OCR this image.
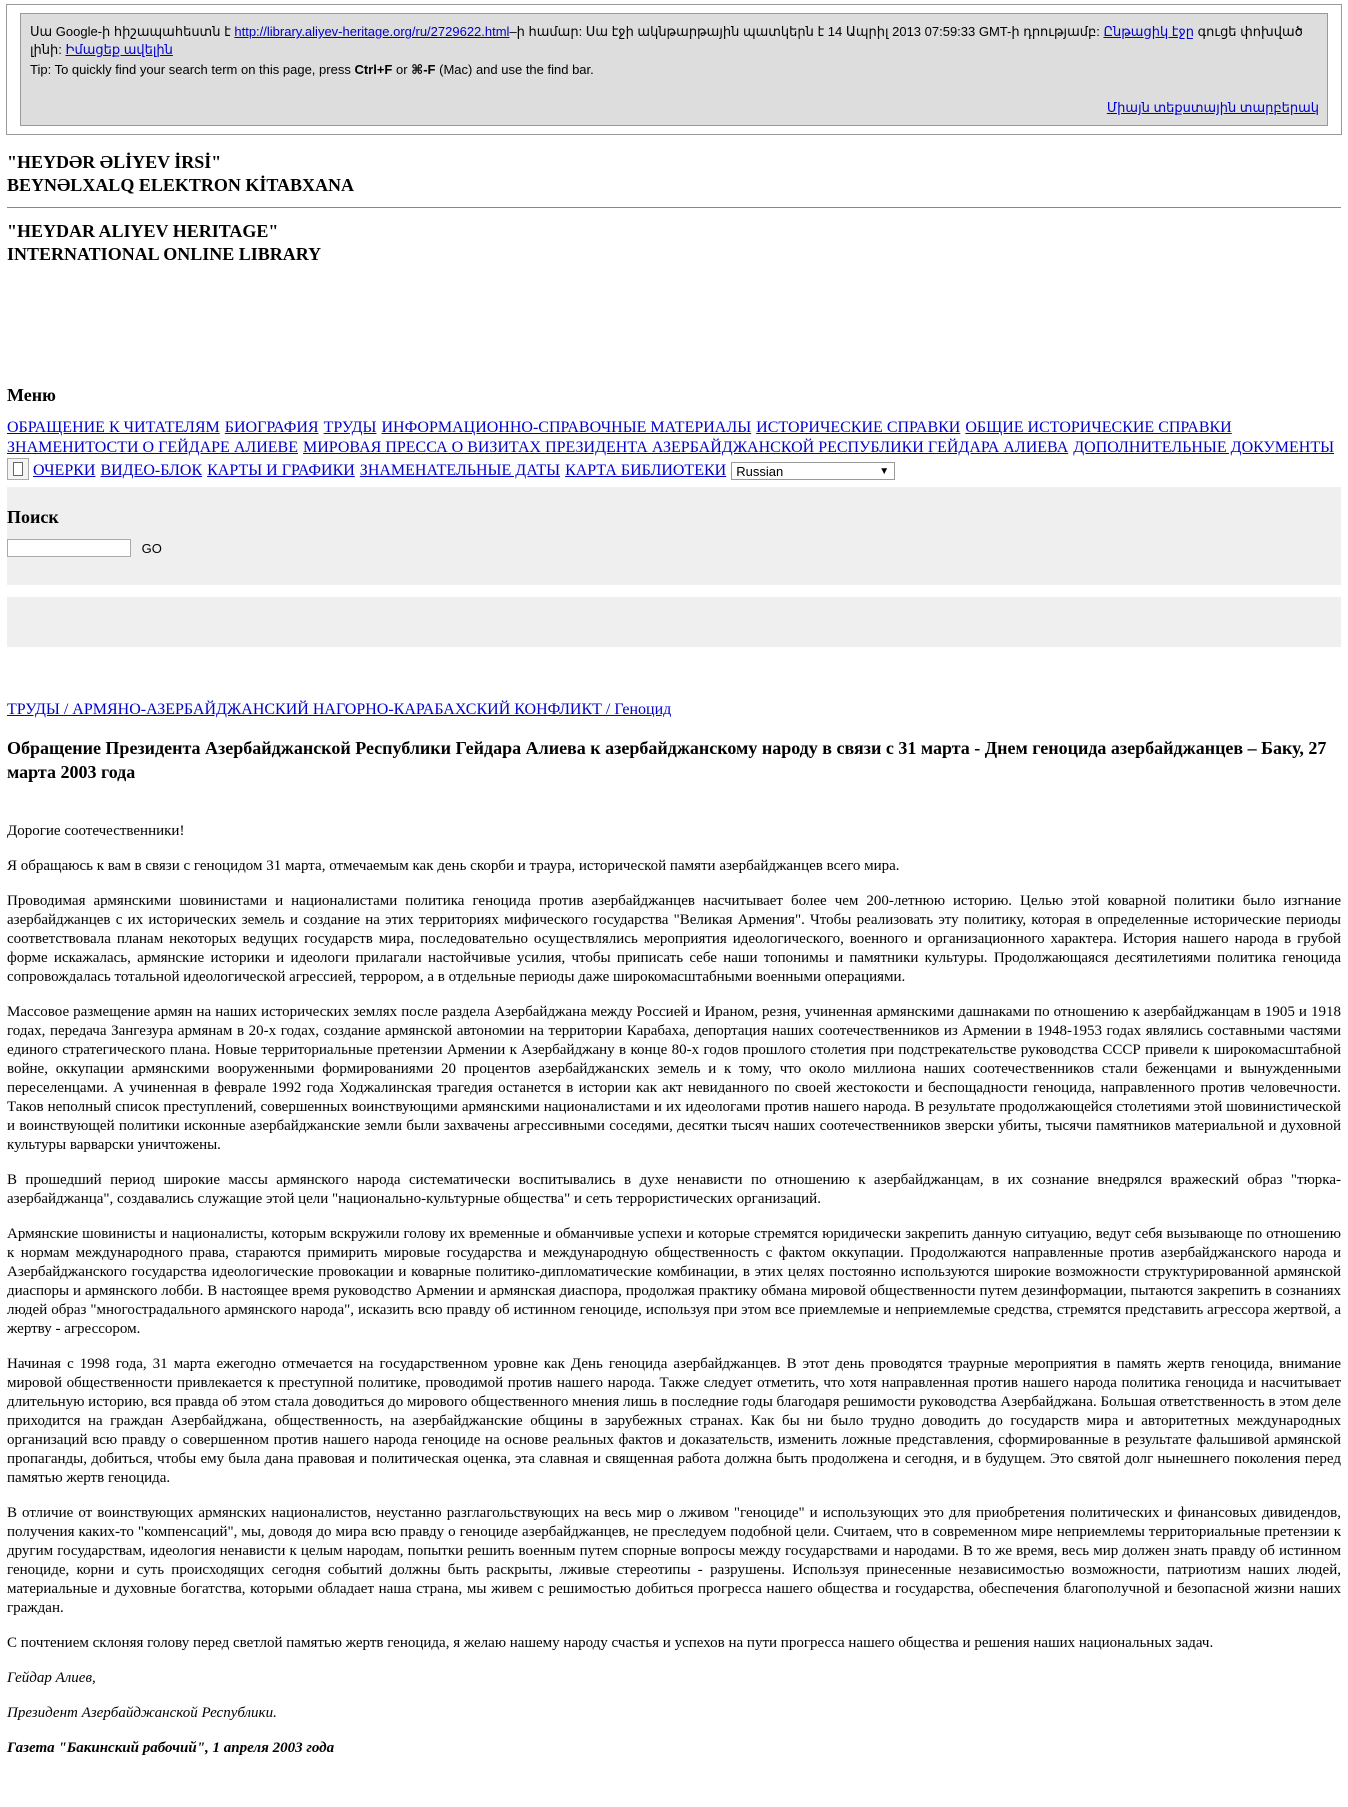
Սա Google-ի հիշապահեստն է http://library.aliyev-heritage.org/ru/2729622.html–ի համար: Սա էջի ակնթարթային պատկերն է 14 Ապրիլ 2013 07:59:33 GMT-ի դրությամբ: Ընթացիկ էջը գուցե փոխված լինի: Իմացեք ավելին
Tip: To quickly find your search term on this page, press Ctrl+F or ⌘-F (Mac) and use the find bar.
Միայն տեքստային տարբերակ
"HEYDƏR ƏLİYEV İRSİ"
BEYNƏLXALQ ELEKTRON KİTABXANA
"HEYDAR ALIYEV HERITAGE"
INTERNATIONAL ONLINE LIBRARY
Меню
ОБРАЩЕНИЕ К ЧИТАТЕЛЯМ БИОГРАФИЯ ТРУДЫ ИНФОРМАЦИОННО-СПРАВОЧНЫЕ МАТЕРИАЛЫ ИСТОРИЧЕСКИЕ СПРАВКИ ОБЩИЕ ИСТОРИЧЕСКИЕ СПРАВКИ ЗНАМЕНИТОСТИ О ГЕЙДАРЕ АЛИЕВЕ МИРОВАЯ ПРЕССА О ВИЗИТАХ ПРЕЗИДЕНТА АЗЕРБАЙДЖАНСКОЙ РЕСПУБЛИКИ ГЕЙДАРА АЛИЕВА ДОПОЛНИТЕЛЬНЫЕ ДОКУМЕНТЫ ОЧЕРКИ ВИДЕО-БЛОК КАРТЫ И ГРАФИКИ ЗНАМЕНАТЕЛЬНЫЕ ДАТЫ КАРТА БИБЛИОТЕКИ Russian	▼
Поиск
GO
ТРУДЫ / АРМЯНО-АЗЕРБАЙДЖАНСКИЙ НАГОРНО-КАРАБАХСКИЙ КОНФЛИКТ / Геноцид
Обращение Президента Азербайджанской Республики Гейдара Алиева к азербайджанскому народу в связи с 31 марта - Днем геноцида азербайджанцев – Баку, 27 марта 2003 года

Дорогие соотечественники!

Я обращаюсь к вам в связи с геноцидом 31 марта, отмечаемым как день скорби и траура, исторической памяти азербайджанцев всего мира.

Проводимая армянскими шовинистами и националистами политика геноцида против азербайджанцев насчитывает более чем 200-летнюю историю. Целью этой коварной политики было изгнание азербайджанцев с их исторических земель и создание на этих территориях мифического государства "Великая Армения". Чтобы реализовать эту политику, которая в определенные исторические периоды соответствовала планам некоторых ведущих государств мира, последовательно осуществлялись мероприятия идеологического, военного и организационного характера. История нашего народа в грубой форме искажалась, армянские историки и идеологи прилагали настойчивые усилия, чтобы приписать себе наши топонимы и памятники культуры. Продолжающаяся десятилетиями политика геноцида сопровождалась тотальной идеологической агрессией, террором, а в отдельные периоды даже широкомасштабными военными операциями.

Массовое размещение армян на наших исторических землях после раздела Азербайджана между Россией и Ираном, резня, учиненная армянскими дашнаками по отношению к азербайджанцам в 1905 и 1918 годах, передача Зангезура армянам в 20-х годах, создание армянской автономии на территории Карабаха, депортация наших соотечественников из Армении в 1948-1953 годах являлись составными частями единого стратегического плана. Новые территориальные претензии Армении к Азербайджану в конце 80-х годов прошлого столетия при подстрекательстве руководства СССР привели к широкомасштабной войне, оккупации армянскими вооруженными формированиями 20 процентов азербайджанских земель и к тому, что около миллиона наших соотечественников стали беженцами и вынужденными переселенцами. А учиненная в феврале 1992 года Ходжалинская трагедия останется в истории как акт невиданного по своей жестокости и беспощадности геноцида, направленного против человечности. Таков неполный список преступлений, совершенных воинствующими армянскими националистами и их идеологами против нашего народа. В результате продолжающейся столетиями этой шовинистической и воинствующей политики исконные азербайджанские земли были захвачены агрессивными соседями, десятки тысяч наших соотечественников зверски убиты, тысячи памятников материальной и духовной культуры варварски уничтожены.

В прошедший период широкие массы армянского народа систематически воспитывались в духе ненависти по отношению к азербайджанцам, в их сознание внедрялся вражеский образ "тюрка-азербайджанца", создавались служащие этой цели "национально-культурные общества" и сеть террористических организаций.

Армянские шовинисты и националисты, которым вскружили голову их временные и обманчивые успехи и которые стремятся юридически закрепить данную ситуацию, ведут себя вызывающе по отношению к нормам международного права, стараются примирить мировые государства и международную общественность с фактом оккупации. Продолжаются направленные против азербайджанского народа и Азербайджанского государства идеологические провокации и коварные политико-дипломатические комбинации, в этих целях постоянно используются широкие возможности структурированной армянской диаспоры и армянского лобби. В настоящее время руководство Армении и армянская диаспора, продолжая практику обмана мировой общественности путем дезинформации, пытаются закрепить в сознаниях людей образ "многострадального армянского народа", исказить всю правду об истинном геноциде, используя при этом все приемлемые и неприемлемые средства, стремятся представить агрессора жертвой, а жертву - агрессором.

Начиная с 1998 года, 31 марта ежегодно отмечается на государственном уровне как День геноцида азербайджанцев. В этот день проводятся траурные мероприятия в память жертв геноцида, внимание мировой общественности привлекается к преступной политике, проводимой против нашего народа. Также следует отметить, что хотя направленная против нашего народа политика геноцида и насчитывает длительную историю, вся правда об этом стала доводиться до мирового общественного мнения лишь в последние годы благодаря решимости руководства Азербайджана. Большая ответственность в этом деле приходится на граждан Азербайджана, общественность, на азербайджанские общины в зарубежных странах. Как бы ни было трудно доводить до государств мира и авторитетных международных организаций всю правду о совершенном против нашего народа геноциде на основе реальных фактов и доказательств, изменить ложные представления, сформированные в результате фальшивой армянской пропаганды, добиться, чтобы ему была дана правовая и политическая оценка, эта славная и священная работа должна быть продолжена и сегодня, и в будущем. Это святой долг нынешнего поколения перед памятью жертв геноцида.

В отличие от воинствующих армянских националистов, неустанно разглагольствующих на весь мир о лживом "геноциде" и использующих это для приобретения политических и финансовых дивидендов, получения каких-то "компенсаций", мы, доводя до мира всю правду о геноциде азербайджанцев, не преследуем подобной цели. Считаем, что в современном мире неприемлемы территориальные претензии к другим государствам, идеология ненависти к целым народам, попытки решить военным путем спорные вопросы между государствами и народами. В то же время, весь мир должен знать правду об истинном геноциде, корни и суть происходящих сегодня событий должны быть раскрыты, лживые стереотипы - разрушены. Используя принесенные независимостью возможности, патриотизм наших людей, материальные и духовные богатства, которыми обладает наша страна, мы живем с решимостью добиться прогресса нашего общества и государства, обеспечения благополучной и безопасной жизни наших граждан.

С почтением склоняя голову перед светлой памятью жертв геноцида, я желаю нашему народу счастья и успехов на пути прогресса нашего общества и решения наших национальных задач.

Гейдар Алиев,

Президент Азербайджанской Республики.

Газета "Бакинский рабочий", 1 апреля 2003 года
